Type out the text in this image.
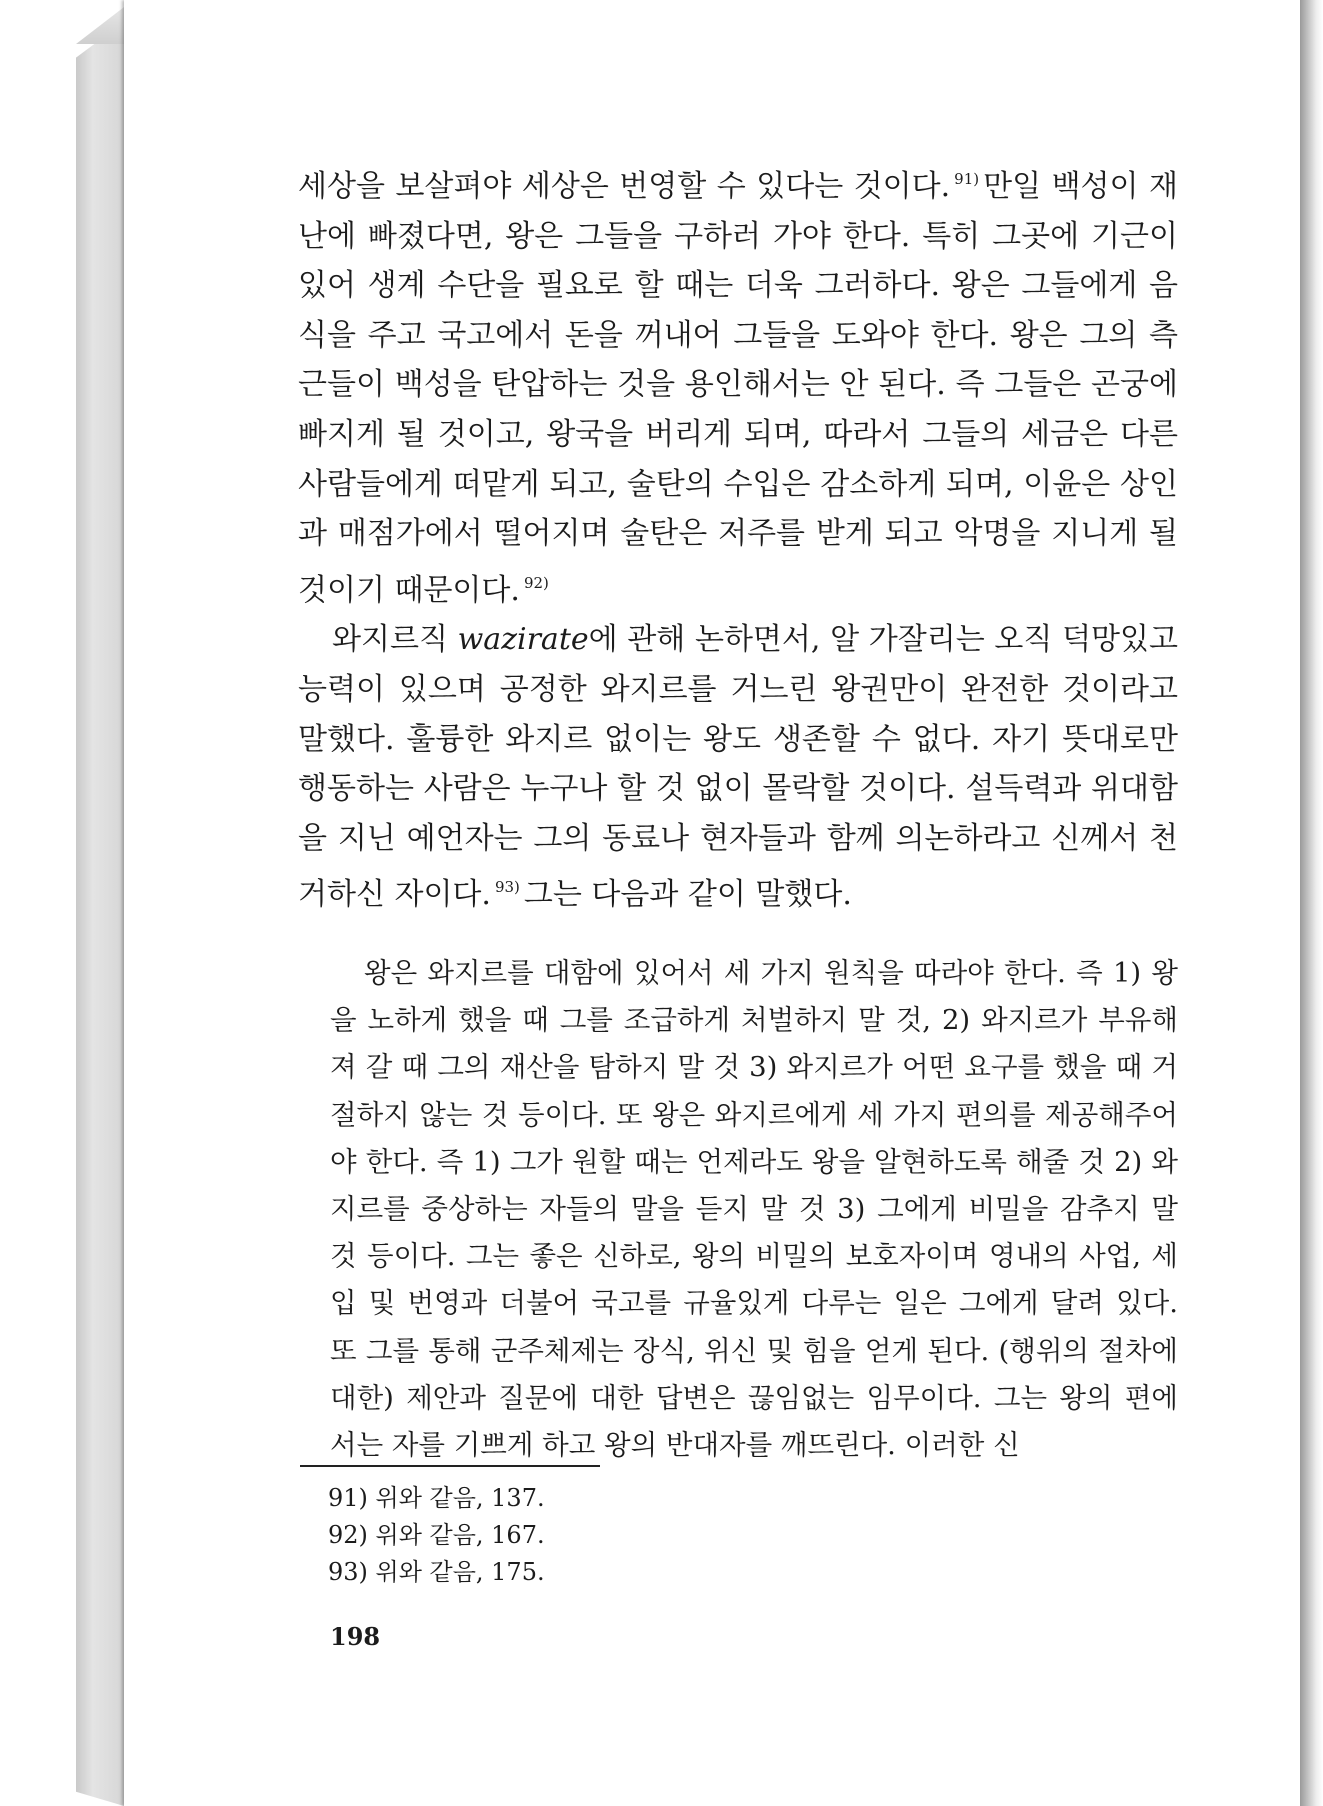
세상을 보살펴야 세상은 번영할 수 있다는 것이다. $^{91)}$ 만일 백성이 재난에 빠졌다면, 왕은 그들을 구하러 가야 한다. 특히 그곳에 기근이 있어 생계 수단을 필요로 할 때는 더욱 그러하다. 왕은 그들에게 음식을 주고 국고에서 돈을 꺼내어 그들을 도와야 한다. 왕은 그의 측근들이 백성을 탄압하는 것을 용인해서는 안 된다. 즉 그들은 곤궁에 빠지게 될 것이고, 왕국을 버리게 되며, 따라서 그들의 세금은 다른 사람들에게 떠맡게 되고, 술탄의 수입은 감소하게 되며, 이윤은 상인과 매점가에서 떨어지며 술탄은 저주를 받게 되고 악명을 지니게 될 것이기 때문이다. $^{92)}$

와지르직 wazirate에 관해 논하면서, 알 가잘리는 오직 덕망있고 능력이 있으며 공정한 와지르를 거느린 왕권만이 완전한 것이라고 말했다. 훌륭한 와지르 없이는 왕도 생존할 수 없다. 자기 뜻대로만 행동하는 사람은 누구나 할 것 없이 몰락할 것이다. 설득력과 위대함을 지닌 예언자는 그의 동료나 현자들과 함께 의논하라고 신께서 천거하신 자이다. $^{93)}$ 그는 다음과 같이 말했다.

왕은 와지르를 대함에 있어서 세 가지 원칙을 따라야 한다. 즉 1) 왕을 노하게 했을 때 그를 조급하게 처벌하지 말 것, 2) 와지르가 부유해져 갈 때 그의 재산을 탐하지 말 것 3) 와지르가 어떤 요구를 했을 때 거절하지 않는 것 등이다. 또 왕은 와지르에게 세 가지 편의를 제공해주어야 한다. 즉 1) 그가 원할 때는 언제라도 왕을 알현하도록 해줄 것 2) 와지르를 중상하는 자들의 말을 듣지 말 것 3) 그에게 비밀을 감추지 말 것 등이다. 그는 좋은 신하로, 왕의 비밀의 보호자이며 영내의 사업, 세입 및 번영과 더불어 국고를 규율있게 다루는 일은 그에게 달려 있다. 또 그를 통해 군주체제는 장식, 위신 및 힘을 얻게 된다. (행위의 절차에 대한) 제안과 질문에 대한 답변은 끊임없는 임무이다. 그는 왕의 편에 서는 자를 기쁘게 하고 왕의 반대자를 깨뜨린다. 이러한 신
91) 위와 같음, 137.
92) 위와 같음, 167.
93) 위와 같음, 175.
198
